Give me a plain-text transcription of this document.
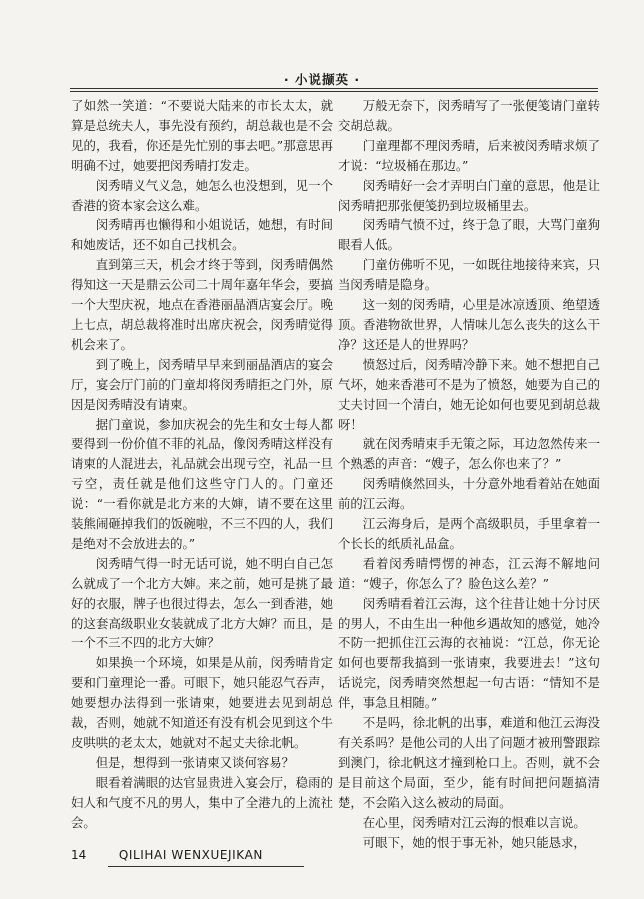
· 小说撷英 ·

了如然一笑道：“不要说大陆来的市长太太，就算是总统夫人，事先没有预约，胡总裁也是不会见的，我看，你还是先忙别的事去吧。”那意思再明确不过，她要把闵秀晴打发走。

闵秀晴义气义急，她怎么也没想到，见一个香港的资本家会这么难。

闵秀晴再也懒得和小姐说话，她想，有时间和她废话，还不如自己找机会。

直到第三天，机会才终于等到，闵秀晴偶然得知这一天是鼎云公司二十周年嘉年华会，要搞一个大型庆祝，地点在香港丽晶酒店宴会厅。晚上七点，胡总裁将准时出席庆祝会，闵秀晴觉得机会来了。

到了晚上，闵秀晴早早来到丽晶酒店的宴会厅，宴会厅门前的门童却将闵秀晴拒之门外，原因是闵秀晴没有请柬。

据门童说，参加庆祝会的先生和女士每人都要得到一份价值不菲的礼品，像闵秀晴这样没有请柬的人混进去，礼品就会出现亏空，礼品一旦亏空，责任就是他们这些守门人的。门童还说：“一看你就是北方来的大婶，请不要在这里装熊闹砸掉我们的饭碗啦，不三不四的人，我们是绝对不会放进去的。”

闵秀晴气得一时无话可说，她不明白自己怎么就成了一个北方大婶。来之前，她可是挑了最好的衣服，牌子也很过得去，怎么一到香港，她的这套高级职业女装就成了北方大婶？而且，是一个不三不四的北方大婶？

如果换一个环境，如果是从前，闵秀晴肯定要和门童理论一番。可眼下，她只能忍气吞声，她要想办法得到一张请柬，她要进去见到胡总裁，否则，她就不知道还有没有机会见到这个牛皮哄哄的老太太，她就对不起丈夫徐北帆。

但是，想得到一张请柬又谈何容易？

眼看着满眼的达官显贵进入宴会厅，稳雨的妇人和气度不凡的男人，集中了全港九的上流社会。

万般无奈下，闵秀晴写了一张便笺请门童转交胡总裁。

门童理都不理闵秀晴，后来被闵秀晴求烦了才说：“垃圾桶在那边。”

闵秀晴好一会才弄明白门童的意思，他是让闵秀晴把那张便笺扔到垃圾桶里去。

闵秀晴气愤不过，终于急了眼，大骂门童狗眼看人低。

门童仿佛听不见，一如既往地接待来宾，只当闵秀晴是隐身。

这一刻的闵秀晴，心里是冰凉透顶、绝望透顶。香港物欲世界，人情味儿怎么丧失的这么干净？这还是人的世界吗？

愤怒过后，闵秀晴冷静下来。她不想把自己气坏，她来香港可不是为了愤怒，她要为自己的丈夫讨回一个清白，她无论如何也要见到胡总裁呀！

就在闵秀晴束手无策之际，耳边忽然传来一个熟悉的声音：“嫂子，怎么你也来了？”

闵秀晴倏然回头，十分意外地看着站在她面前的江云海。

江云海身后，是两个高级职员，手里拿着一个长长的纸质礼品盒。

看着闵秀晴愕愣的神态，江云海不解地问道：“嫂子，你怎么了？脸色这么差？”

闵秀晴看着江云海，这个往昔让她十分讨厌的男人，不由生出一种他乡遇故知的感觉，她冷不防一把抓住江云海的衣袖说：“江总，你无论如何也要帮我搞到一张请柬，我要进去！”这句话说完，闵秀晴突然想起一句古语：“情知不是伴，事急且相随。”

不是吗，徐北帆的出事，难道和他江云海没有关系吗？是他公司的人出了问题才被刑警跟踪到澳门，徐北帆这才撞到枪口上。否则，就不会是目前这个局面，至少，能有时间把问题搞清楚，不会陷入这么被动的局面。

在心里，闵秀晴对江云海的恨难以言说。

可眼下，她的恨于事无补，她只能恳求，

14	QILIHAI WENXUEJIKAN
